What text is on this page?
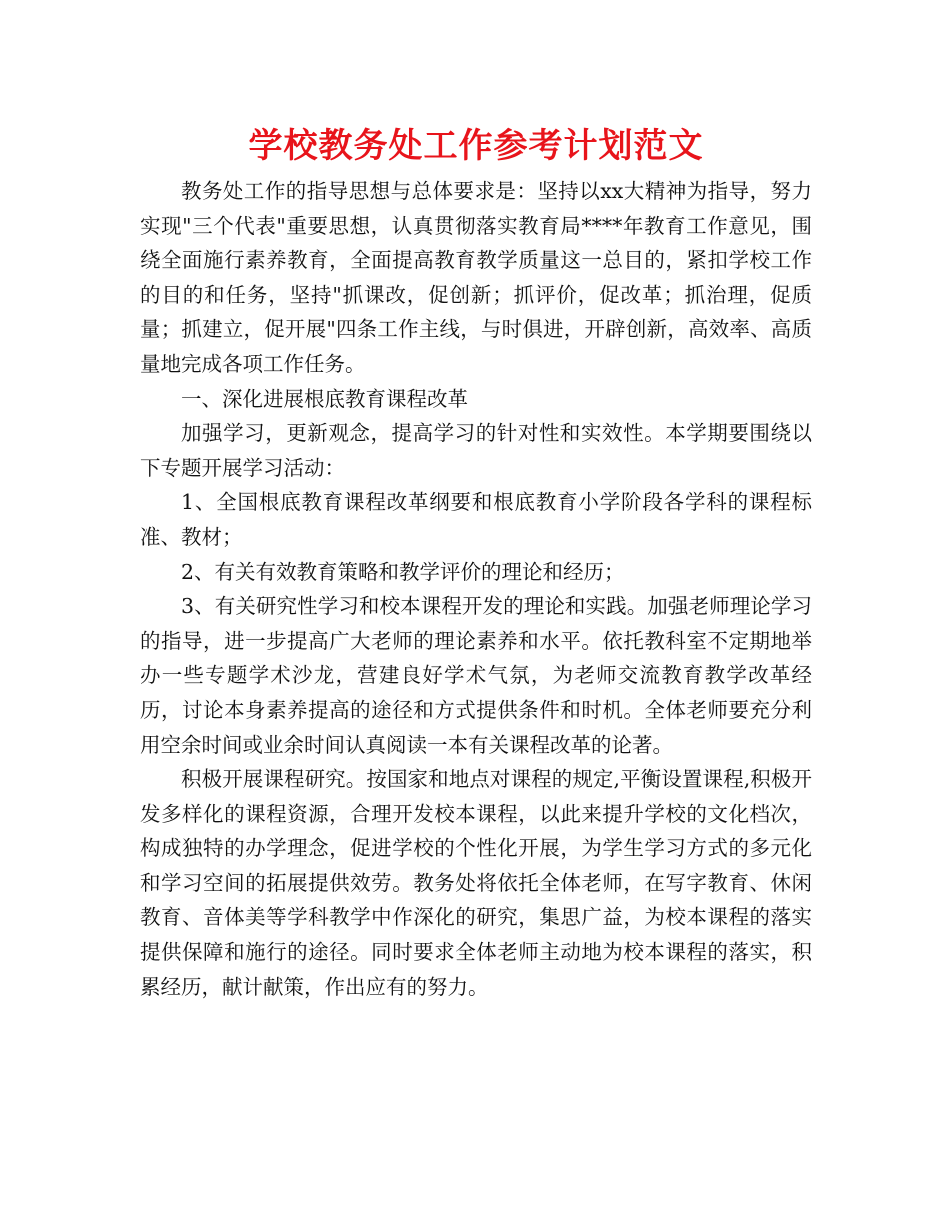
学校教务处工作参考计划范文

教务处工作的指导思想与总体要求是：坚持以xx大精神为指导，努力实现"三个代表"重要思想，认真贯彻落实教育局****年教育工作意见，围绕全面施行素养教育，全面提高教育教学质量这一总目的，紧扣学校工作的目的和任务，坚持"抓课改，促创新；抓评价，促改革；抓治理，促质量；抓建立，促开展"四条工作主线，与时俱进，开辟创新，高效率、高质量地完成各项工作任务。

一、深化进展根底教育课程改革

加强学习，更新观念，提高学习的针对性和实效性。本学期要围绕以下专题开展学习活动：

1、全国根底教育课程改革纲要和根底教育小学阶段各学科的课程标准、教材；

2、有关有效教育策略和教学评价的理论和经历；

3、有关研究性学习和校本课程开发的理论和实践。加强老师理论学习的指导，进一步提高广大老师的理论素养和水平。依托教科室不定期地举办一些专题学术沙龙，营建良好学术气氛，为老师交流教育教学改革经历，讨论本身素养提高的途径和方式提供条件和时机。全体老师要充分利用空余时间或业余时间认真阅读一本有关课程改革的论著。

积极开展课程研究。按国家和地点对课程的规定,平衡设置课程,积极开发多样化的课程资源，合理开发校本课程，以此来提升学校的文化档次，构成独特的办学理念，促进学校的个性化开展，为学生学习方式的多元化和学习空间的拓展提供效劳。教务处将依托全体老师，在写字教育、休闲教育、音体美等学科教学中作深化的研究，集思广益，为校本课程的落实提供保障和施行的途径。同时要求全体老师主动地为校本课程的落实，积累经历，献计献策，作出应有的努力。
